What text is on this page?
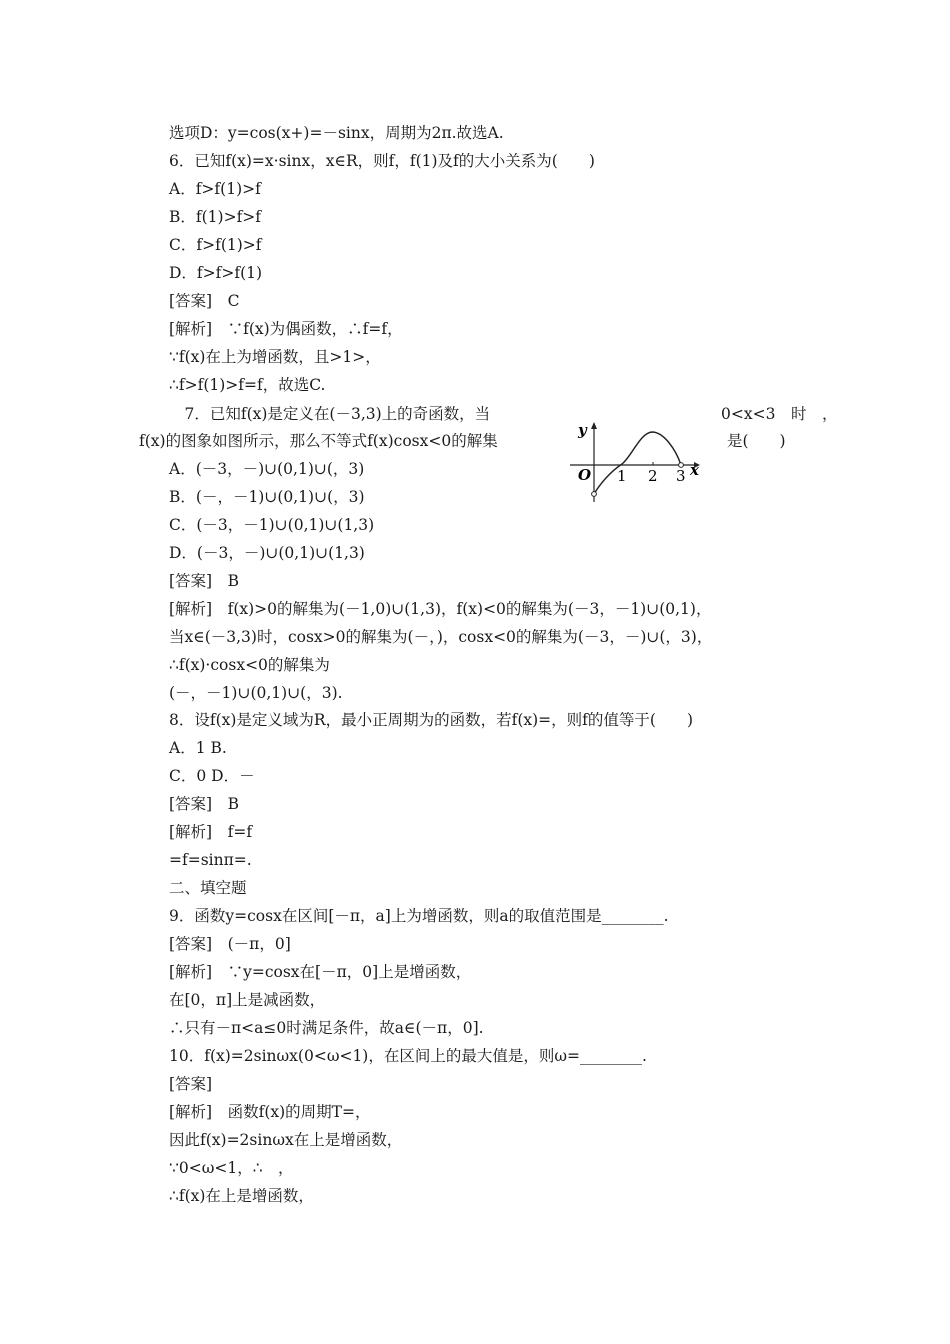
选项D：y=cos(x+)=－sinx，周期为2π.故选A.
6．已知f(x)=x·sinx，x∈R，则f，f(1)及f的大小关系为(　　)
A．f>f(1)>f
B．f(1)>f>f
C．f>f(1)>f
D．f>f>f(1)
[答案]　C
[解析]　∵f(x)为偶函数，∴f=f，
∵f(x)在上为增函数，且>1>，
∴f>f(1)>f=f，故选C.
　7．已知f(x)是定义在(－3,3)上的奇函数，当
f(x)的图象如图所示，那么不等式f(x)cosx<0的解集
A．(－3，－)∪(0,1)∪(，3)
B．(－，－1)∪(0,1)∪(，3)
C．(－3，－1)∪(0,1)∪(1,3)
D．(－3，－)∪(0,1)∪(1,3)
[答案]　B
[解析]　f(x)>0的解集为(－1,0)∪(1,3)，f(x)<0的解集为(－3，－1)∪(0,1)，
当x∈(－3,3)时，cosx>0的解集为(－，)，cosx<0的解集为(－3，－)∪(，3)，
∴f(x)·cosx<0的解集为
(－，－1)∪(0,1)∪(，3).
8．设f(x)是定义域为R，最小正周期为的函数，若f(x)=，则f的值等于(　　)
A．1 B.
C．0 D．－
[答案]　B
[解析]　f=f
=f=sinπ=.
二、填空题
9．函数y=cosx在区间[－π，a]上为增函数，则a的取值范围是________.
[答案]　(－π，0]
[解析]　∵y=cosx在[－π，0]上是增函数，
在[0，π]上是减函数，
∴只有－π<a≤0时满足条件，故a∈(－π，0].
10．f(x)=2sinωx(0<ω<1)，在区间上的最大值是，则ω=________.
[答案]
[解析]　函数f(x)的周期T=，
因此f(x)=2sinωx在上是增函数，
∵0<ω<1，∴　，
∴f(x)在上是增函数，
0<x<3　时　，
是(　　)
y
x
O 1 2 3
